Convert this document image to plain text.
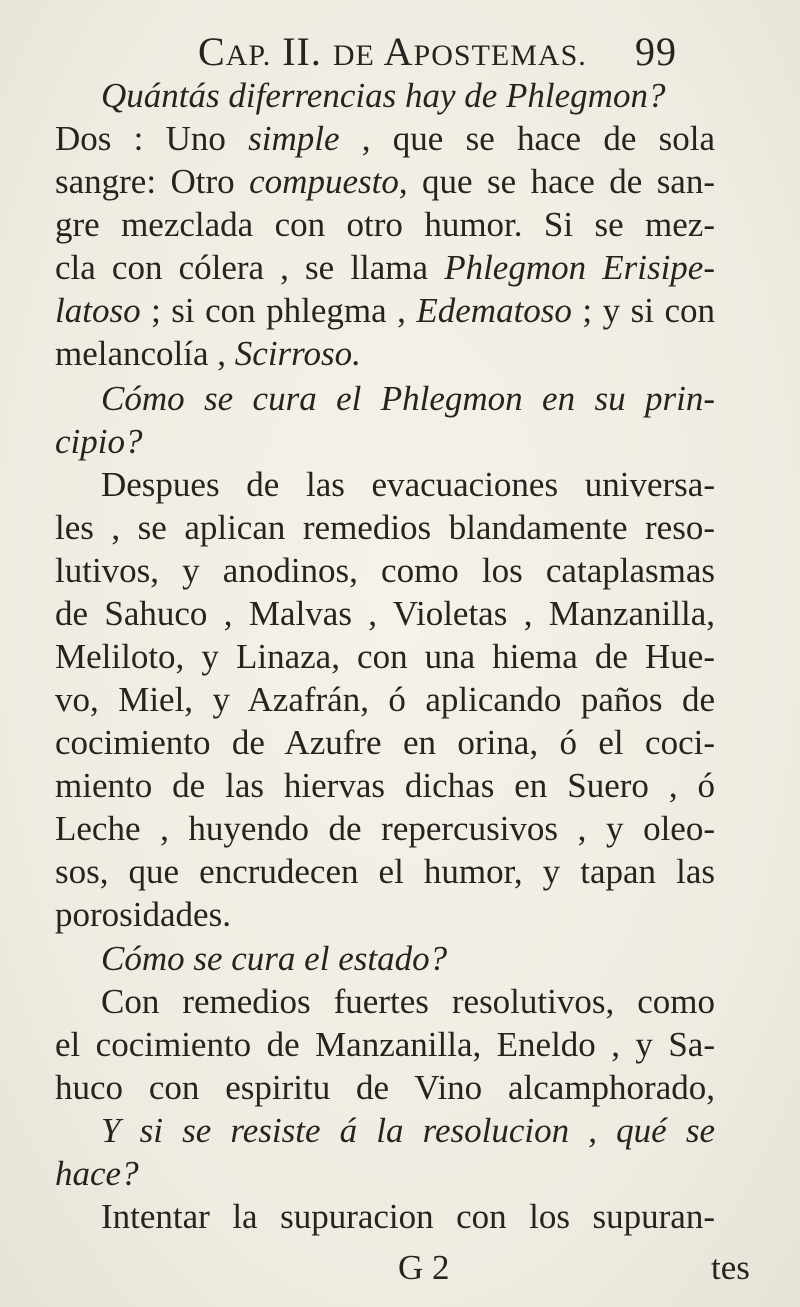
CAP. II. DE APOSTEMAS. 99
Quántás diferrencias hay de Phlegmon?
Dos : Uno simple , que se hace de sola
sangre: Otro compuesto, que se hace de san-
gre mezclada con otro humor. Si se mez-
cla con cólera , se llama Phlegmon Erisipe-
latoso ; si con phlegma , Edematoso ; y si con
melancolía , Scirroso.
Cómo se cura el Phlegmon en su prin-
cipio?
Despues de las evacuaciones universa-
les , se aplican remedios blandamente reso-
lutivos, y anodinos, como los cataplasmas
de Sahuco , Malvas , Violetas , Manzanilla,
Meliloto, y Linaza, con una hiema de Hue-
vo, Miel, y Azafrán, ó aplicando paños de
cocimiento de Azufre en orina, ó el coci-
miento de las hiervas dichas en Suero , ó
Leche , huyendo de repercusivos , y oleo-
sos, que encrudecen el humor, y tapan las
porosidades.
Cómo se cura el estado?
Con remedios fuertes resolutivos, como
el cocimiento de Manzanilla, Eneldo , y Sa-
huco con espiritu de Vino alcamphorado,
Y si se resiste á la resolucion , qué se
hace?
Intentar la supuracion con los supuran-
G 2	tes
